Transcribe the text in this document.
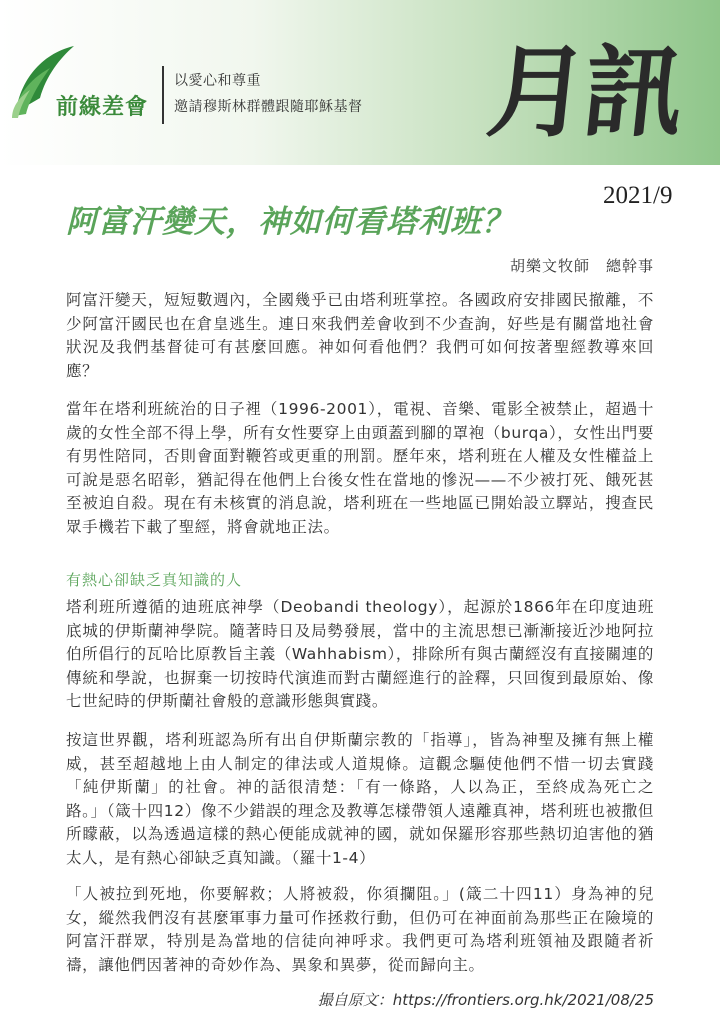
前線差會
以愛心和尊重
邀請穆斯林群體跟隨耶穌基督 月訊
2021/9
阿富汗變天，神如何看塔利班？
胡樂文牧師　總幹事

阿富汗變天，短短數週內，全國幾乎已由塔利班掌控。各國政府安排國民撤離，不少阿富汗國民也在倉皇逃生。連日來我們差會收到不少查詢，好些是有關當地社會狀況及我們基督徒可有甚麼回應。神如何看他們？我們可如何按著聖經教導來回應？

當年在塔利班統治的日子裡（1996-2001），電視、音樂、電影全被禁止，超過十歲的女性全部不得上學，所有女性要穿上由頭蓋到腳的罩袍（burqa），女性出門要有男性陪同，否則會面對鞭笞或更重的刑罰。歷年來，塔利班在人權及女性權益上可說是惡名昭彰，猶記得在他們上台後女性在當地的慘況——不少被打死、餓死甚至被迫自殺。現在有未核實的消息說，塔利班在一些地區已開始設立驛站，搜查民眾手機若下載了聖經，將會就地正法。

有熱心卻缺乏真知識的人

塔利班所遵循的迪班底神學（Deobandi theology），起源於1866年在印度迪班底城的伊斯蘭神學院。隨著時日及局勢發展，當中的主流思想已漸漸接近沙地阿拉伯所倡行的瓦哈比原教旨主義（Wahhabism），排除所有與古蘭經沒有直接關連的傳統和學說，也摒棄一切按時代演進而對古蘭經進行的詮釋，只回復到最原始、像七世紀時的伊斯蘭社會般的意識形態與實踐。

按這世界觀，塔利班認為所有出自伊斯蘭宗教的「指導」，皆為神聖及擁有無上權威，甚至超越地上由人制定的律法或人道規條。這觀念驅使他們不惜一切去實踐「純伊斯蘭」的社會。神的話很清楚：「有一條路，人以為正，至終成為死亡之路。」（箴十四12）像不少錯誤的理念及教導怎樣帶領人遠離真神，塔利班也被撒但所矇蔽，以為透過這樣的熱心便能成就神的國，就如保羅形容那些熱切迫害他的猶太人，是有熱心卻缺乏真知識。（羅十1-4）

「人被拉到死地，你要解救；人將被殺，你須攔阻。」(箴二十四11）身為神的兒女，縱然我們沒有甚麼軍事力量可作拯救行動，但仍可在神面前為那些正在險境的阿富汗群眾，特別是為當地的信徒向神呼求。我們更可為塔利班領袖及跟隨者祈禱，讓他們因著神的奇妙作為、異象和異夢，從而歸向主。

撮自原文：https://frontiers.org.hk/2021/08/25
